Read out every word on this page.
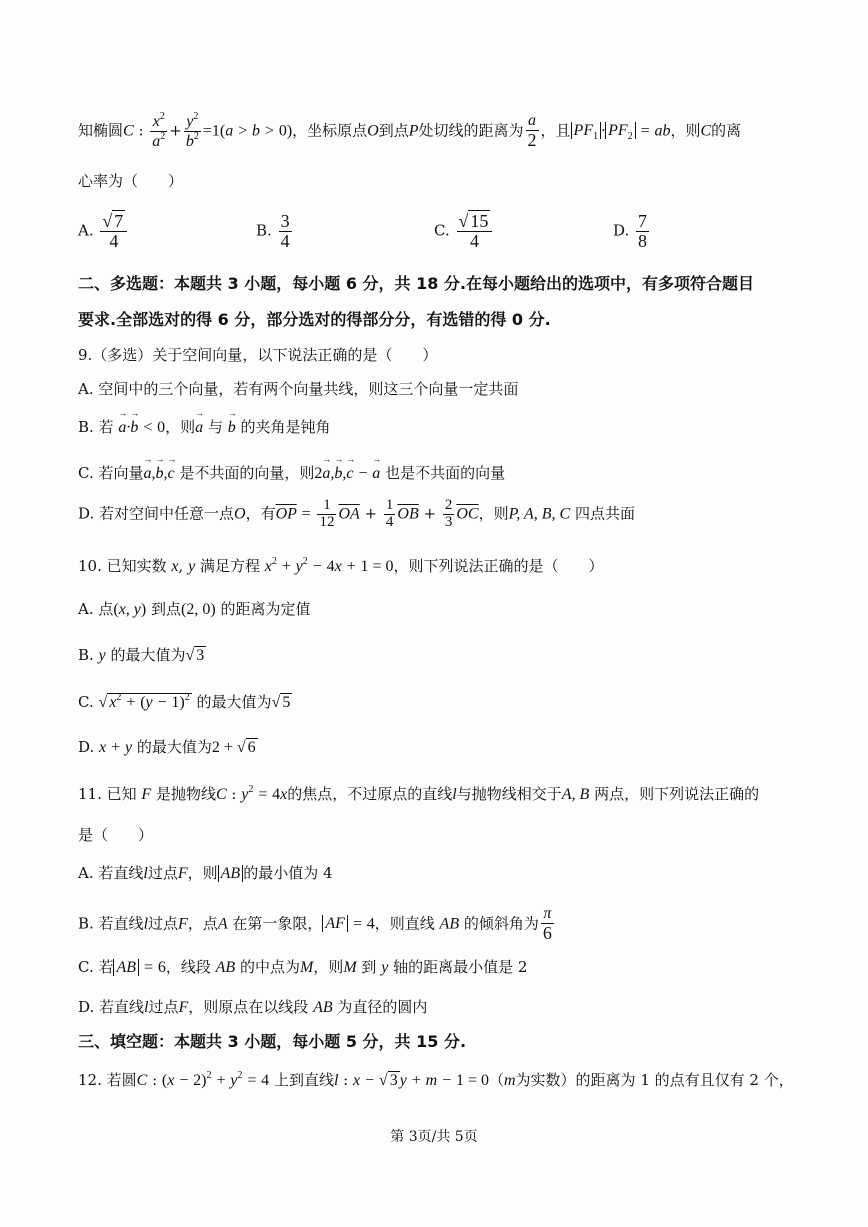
知椭圆C : $\frac{x^2}{a^2} + \frac{y^2}{b^2} =1(a > b > 0)$，坐标原点O到点P处切线的距离为 $\frac{a}{2}$ ，且 $PF_1 \cdot PF_2$ = ab，则C的离
心率为（　　）
A. $\frac{√ 7}{4}$	B. $\frac{3}{4}$	C. $\frac{√ 15}{4}$	D. $\frac{7}{8}$
二、多选题：本题共 3 小题，每小题 6 分，共 18 分.在每小题给出的选项中，有多项符合题目
要求.全部选对的得 6 分，部分选对的得部分分，有选错的得 0 分.
9.（多选）关于空间向量，以下说法正确的是（　　）
A. 空间中的三个向量，若有两个向量共线，则这三个向量一定共面
B. 若 → a·→ b < 0，则→ a 与 → b 的夹角是钝角
C. 若向量→ a,→ b,→ c 是不共面的向量，则2→ a,→ b,→ c − → a 也是不共面的向量
D. 若对空间中任意一点O，有$\overline{OP} = \frac{1}{12} \overline{OA} + \frac{1}{4} \overline{OB} + \frac{2}{3} \overline{OC}$，则P, A, B, C 四点共面
10. 已知实数 x, y 满足方程 $x^2 + y^2 - 4x + 1 = 0$，则下列说法正确的是（　　）
A. 点(x, y) 到点(2, 0) 的距离为定值
B. y 的最大值为√ 3
C. √ $x^2 + (y - 1)^2$ 的最大值为√ 5
D. x + y 的最大值为2 + √ 6
11. 已知 F 是抛物线C : $y^2 = 4x$的焦点，不过原点的直线l与抛物线相交于A, B 两点，则下列说法正确的
是（　　）
A. 若直线l过点F，则 AB 的最小值为 4
B. 若直线l过点F，点A 在第一象限， AF = 4，则直线 AB 的倾斜角为 $\frac{\pi}{6}$
C. 若 AB = 6，线段 AB 的中点为M，则M 到 y 轴的距离最小值是 2
D. 若直线l过点F，则原点在以线段 AB 为直径的圆内
三、填空题：本题共 3 小题，每小题 5 分，共 15 分.
12. 若圆C : $(x - 2)^2 + y^2 = 4$ 上到直线l : x − √ 3 y + m − 1 = 0（m为实数）的距离为 1 的点有且仅有 2 个，
第 3页/共 5页
